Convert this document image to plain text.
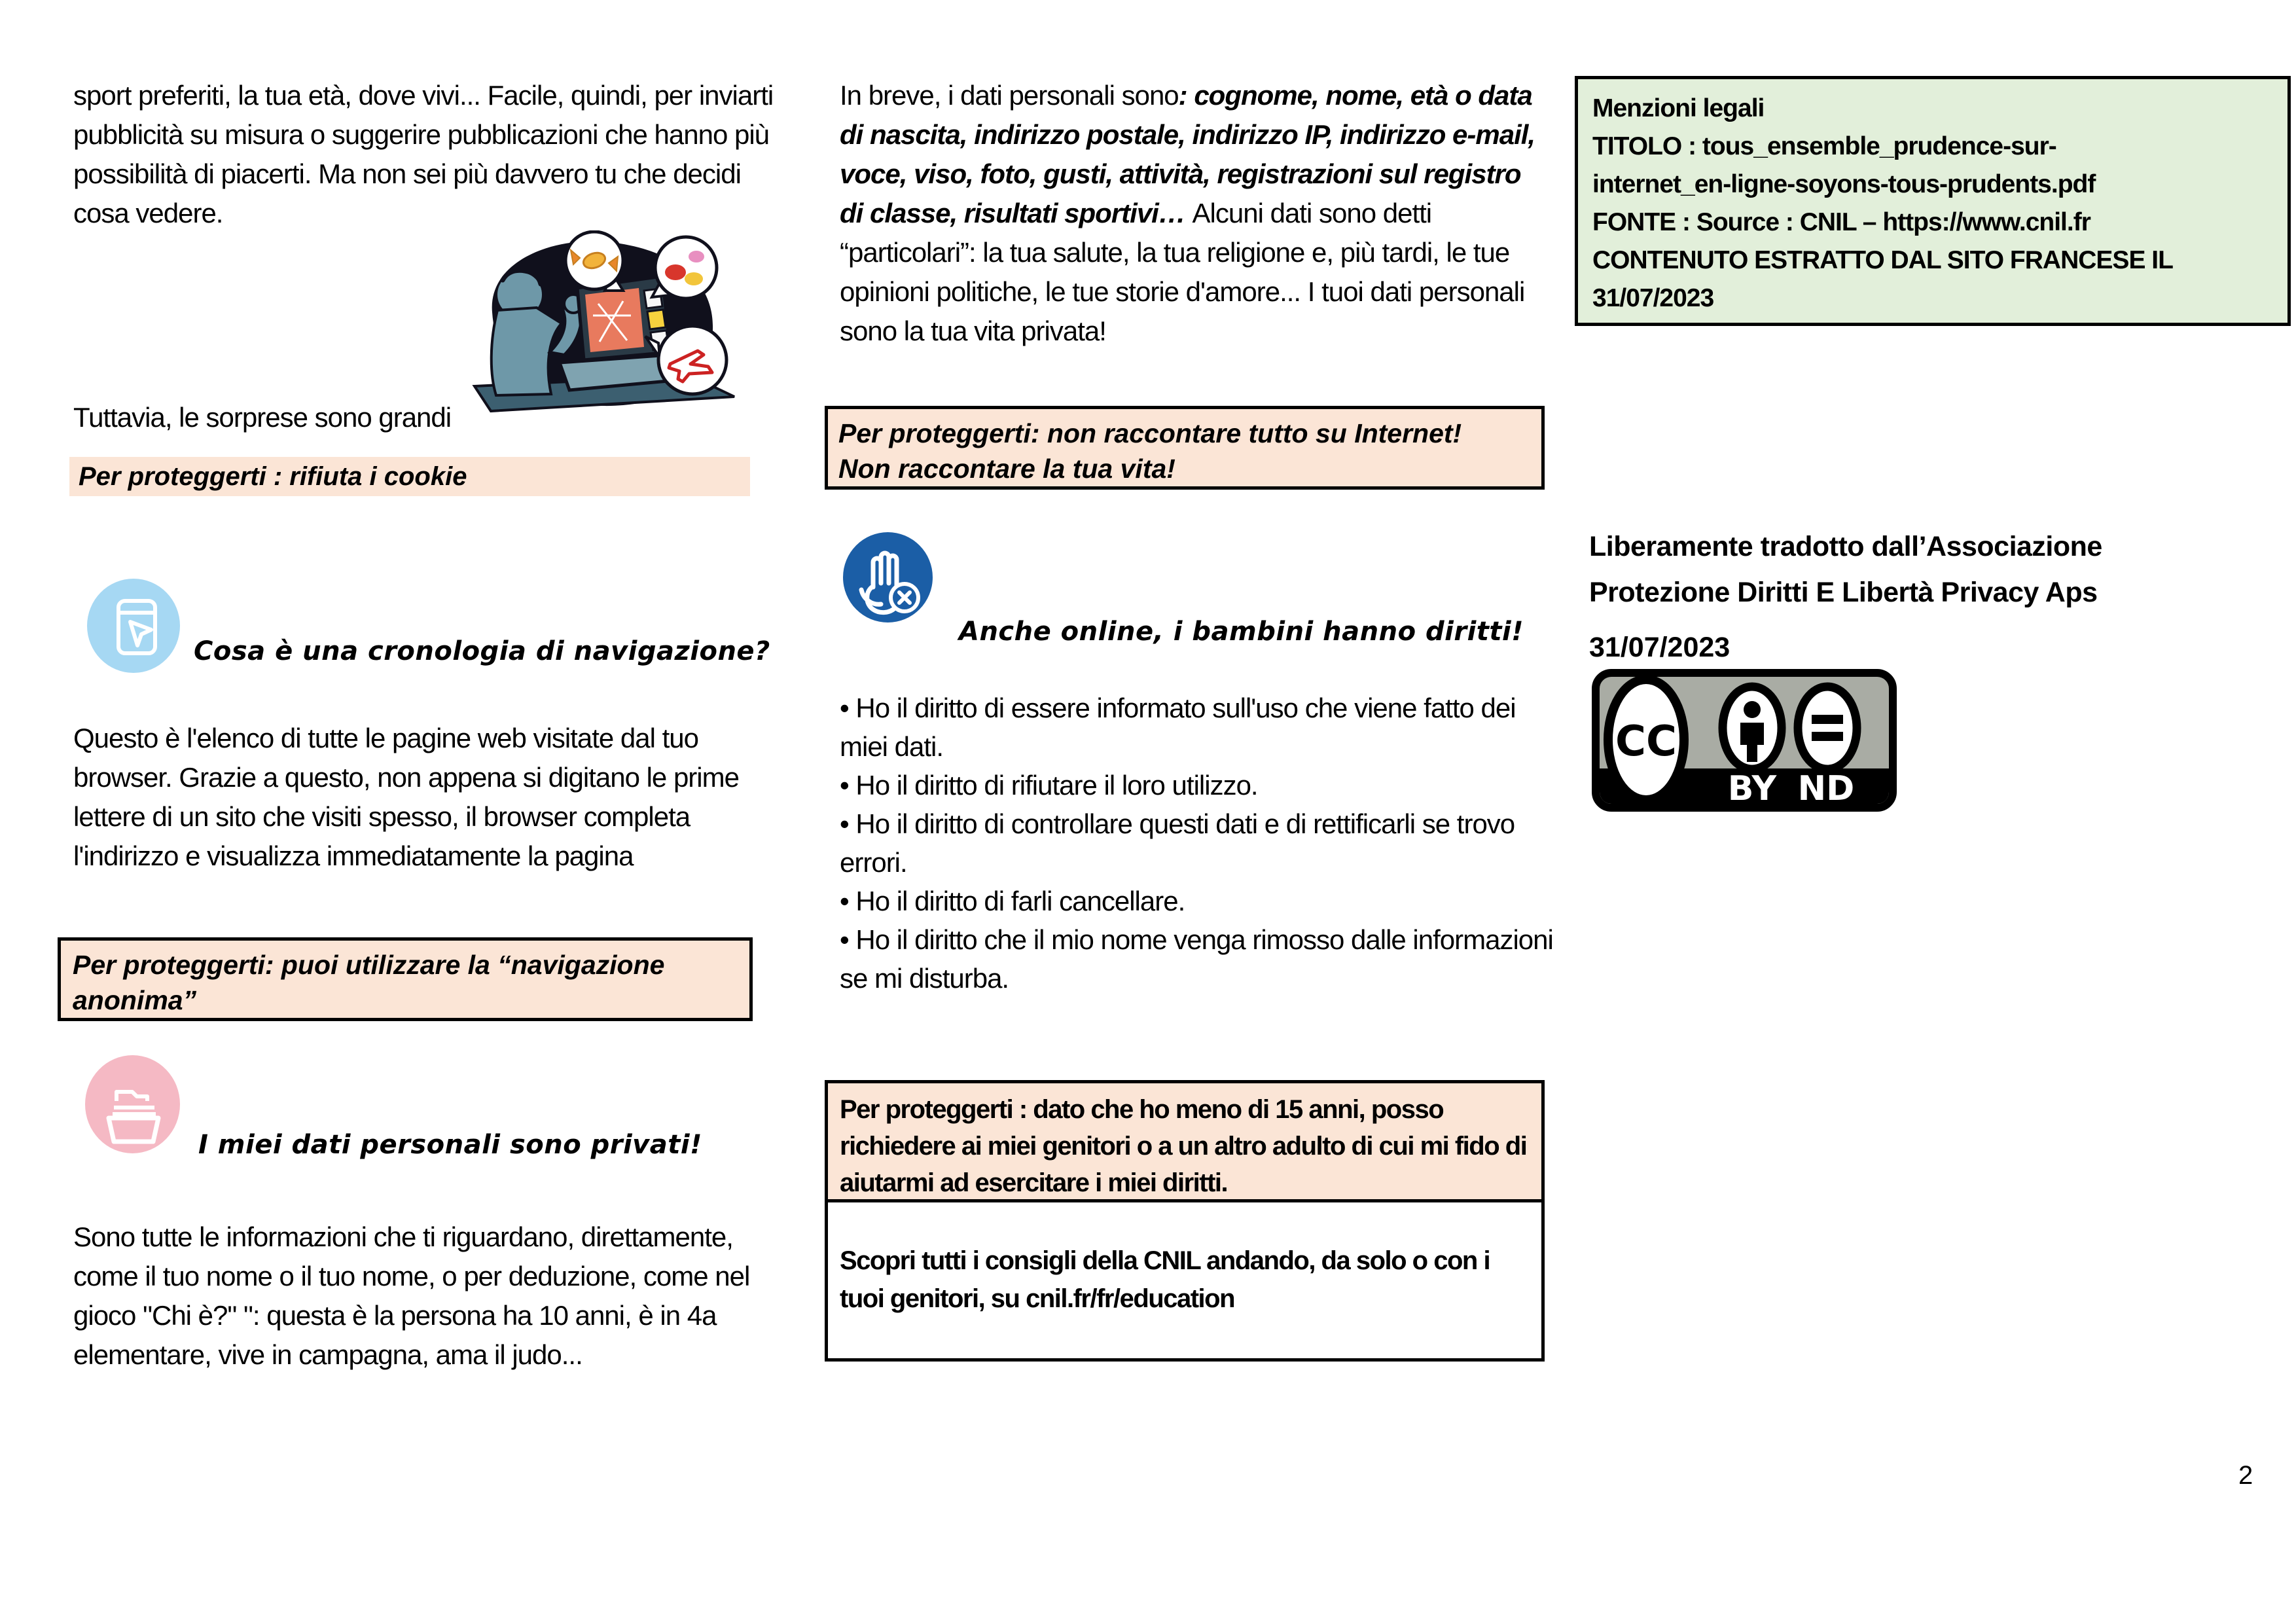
sport preferiti, la tua età, dove vivi... Facile, quindi, per inviarti pubblicità su misura o suggerire pubblicazioni che hanno più possibilità di piacerti. Ma non sei più davvero tu che decidi cosa vedere.

Tuttavia, le sorprese sono grandi

Per proteggerti : rifiuta i cookie
Cosa è una cronologia di navigazione?

Questo è l'elenco di tutte le pagine web visitate dal tuo browser. Grazie a questo, non appena si digitano le prime lettere di un sito che visiti spesso, il browser completa l'indirizzo e visualizza immediatamente la pagina

Per proteggerti: puoi utilizzare la “navigazione
anonima”
I miei dati personali sono privati!

Sono tutte le informazioni che ti riguardano, direttamente, come il tuo nome o il tuo nome, o per deduzione, come nel gioco "Chi è?" ": questa è la persona ha 10 anni, è in 4a elementare, vive in campagna, ama il judo...

In breve, i dati personali sono: cognome, nome, età o data di nascita, indirizzo postale, indirizzo IP, indirizzo e-mail, voce, viso, foto, gusti, attività, registrazioni sul registro di classe, risultati sportivi… Alcuni dati sono detti “particolari”: la tua salute, la tua religione e, più tardi, le tue opinioni politiche, le tue storie d'amore... I tuoi dati personali sono la tua vita privata!

Per proteggerti: non raccontare tutto su Internet!
Non raccontare la tua vita!
Anche online, i bambini hanno diritti!

• Ho il diritto di essere informato sull'uso che viene fatto dei miei dati.

• Ho il diritto di rifiutare il loro utilizzo.

• Ho il diritto di controllare questi dati e di rettificarli se trovo errori.

• Ho il diritto di farli cancellare.

• Ho il diritto che il mio nome venga rimosso dalle informazioni se mi disturba.

Per proteggerti : dato che ho meno di 15 anni, posso richiedere ai miei genitori o a un altro adulto di cui mi fido di aiutarmi ad esercitare i miei diritti.
Scopri tutti i consigli della CNIL andando, da solo o con i tuoi genitori, su cnil.fr/fr/education
Menzioni legali
TITOLO : tous_ensemble_prudence-sur-
internet_en-ligne-soyons-tous-prudents.pdf
FONTE : Source : CNIL – https://www.cnil.fr
CONTENUTO ESTRATTO DAL SITO FRANCESE IL
31/07/2023
Liberamente tradotto dall’Associazione
Protezione Diritti E Libertà Privacy Aps
31/07/2023
CC
BY ND
2
